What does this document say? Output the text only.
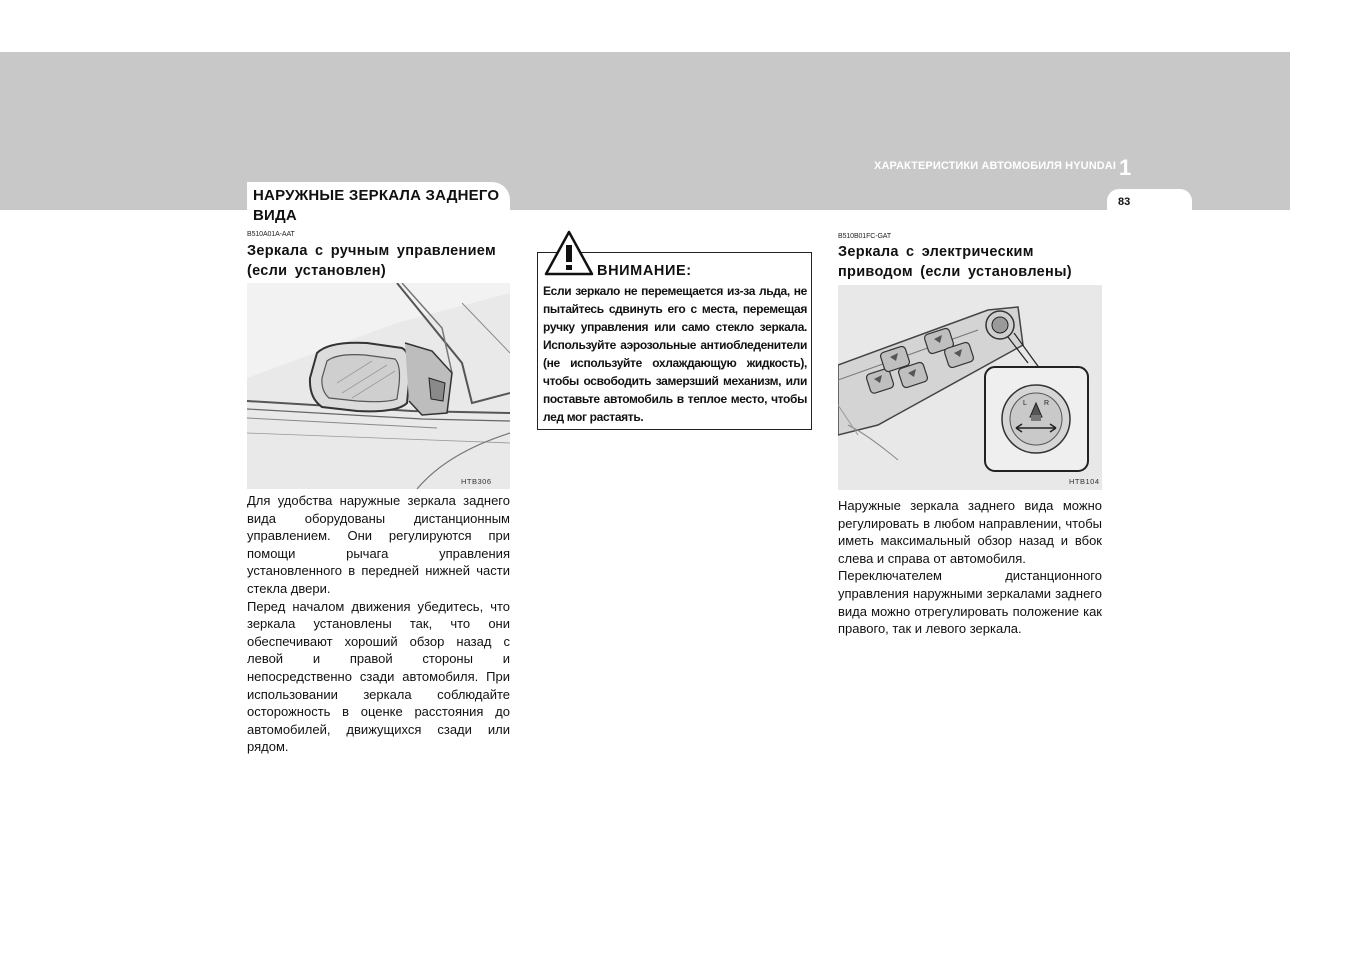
НАРУЖНЫЕ ЗЕРКАЛА ЗАДНЕГО ВИДА
ХАРАКТЕРИСТИКИ АВТОМОБИЛЯ HYUNDAI 1
83
B510A01A-AAT
Зеркала с ручным управлением (если установлен)
HTB306

Для удобства наружные зеркала заднего вида оборудованы дистанционным управлением. Они регулируются при помощи рычага управления установленного в передней нижней части стекла двери.

Перед началом движения убедитесь, что зеркала установлены так, что они обеспечивают хороший обзор назад с левой и правой стороны и непосредственно сзади автомобиля. При использовании зеркала соблюдайте осторожность в оценке расстояния до автомобилей, движущихся сзади или рядом.

ВНИМАНИЕ:

Если зеркало не перемещается из-за льда, не пытайтесь сдвинуть его с места, перемещая ручку управления или само стекло зеркала. Используйте аэрозольные антиобледенители (не используйте охлаждающую жидкость), чтобы освободить замерзший механизм, или поставьте автомобиль в теплое место, чтобы лед мог растаять.

B510B01FC-GAT
Зеркала с электрическим приводом (если установлены)
L R
HTB104

Наружные зеркала заднего вида можно регулировать в любом направлении, чтобы иметь максимальный обзор назад и вбок слева и справа от автомобиля.

Переключателем дистанционного управления наружными зеркалами заднего вида можно отрегулировать положение как правого, так и левого зеркала.
